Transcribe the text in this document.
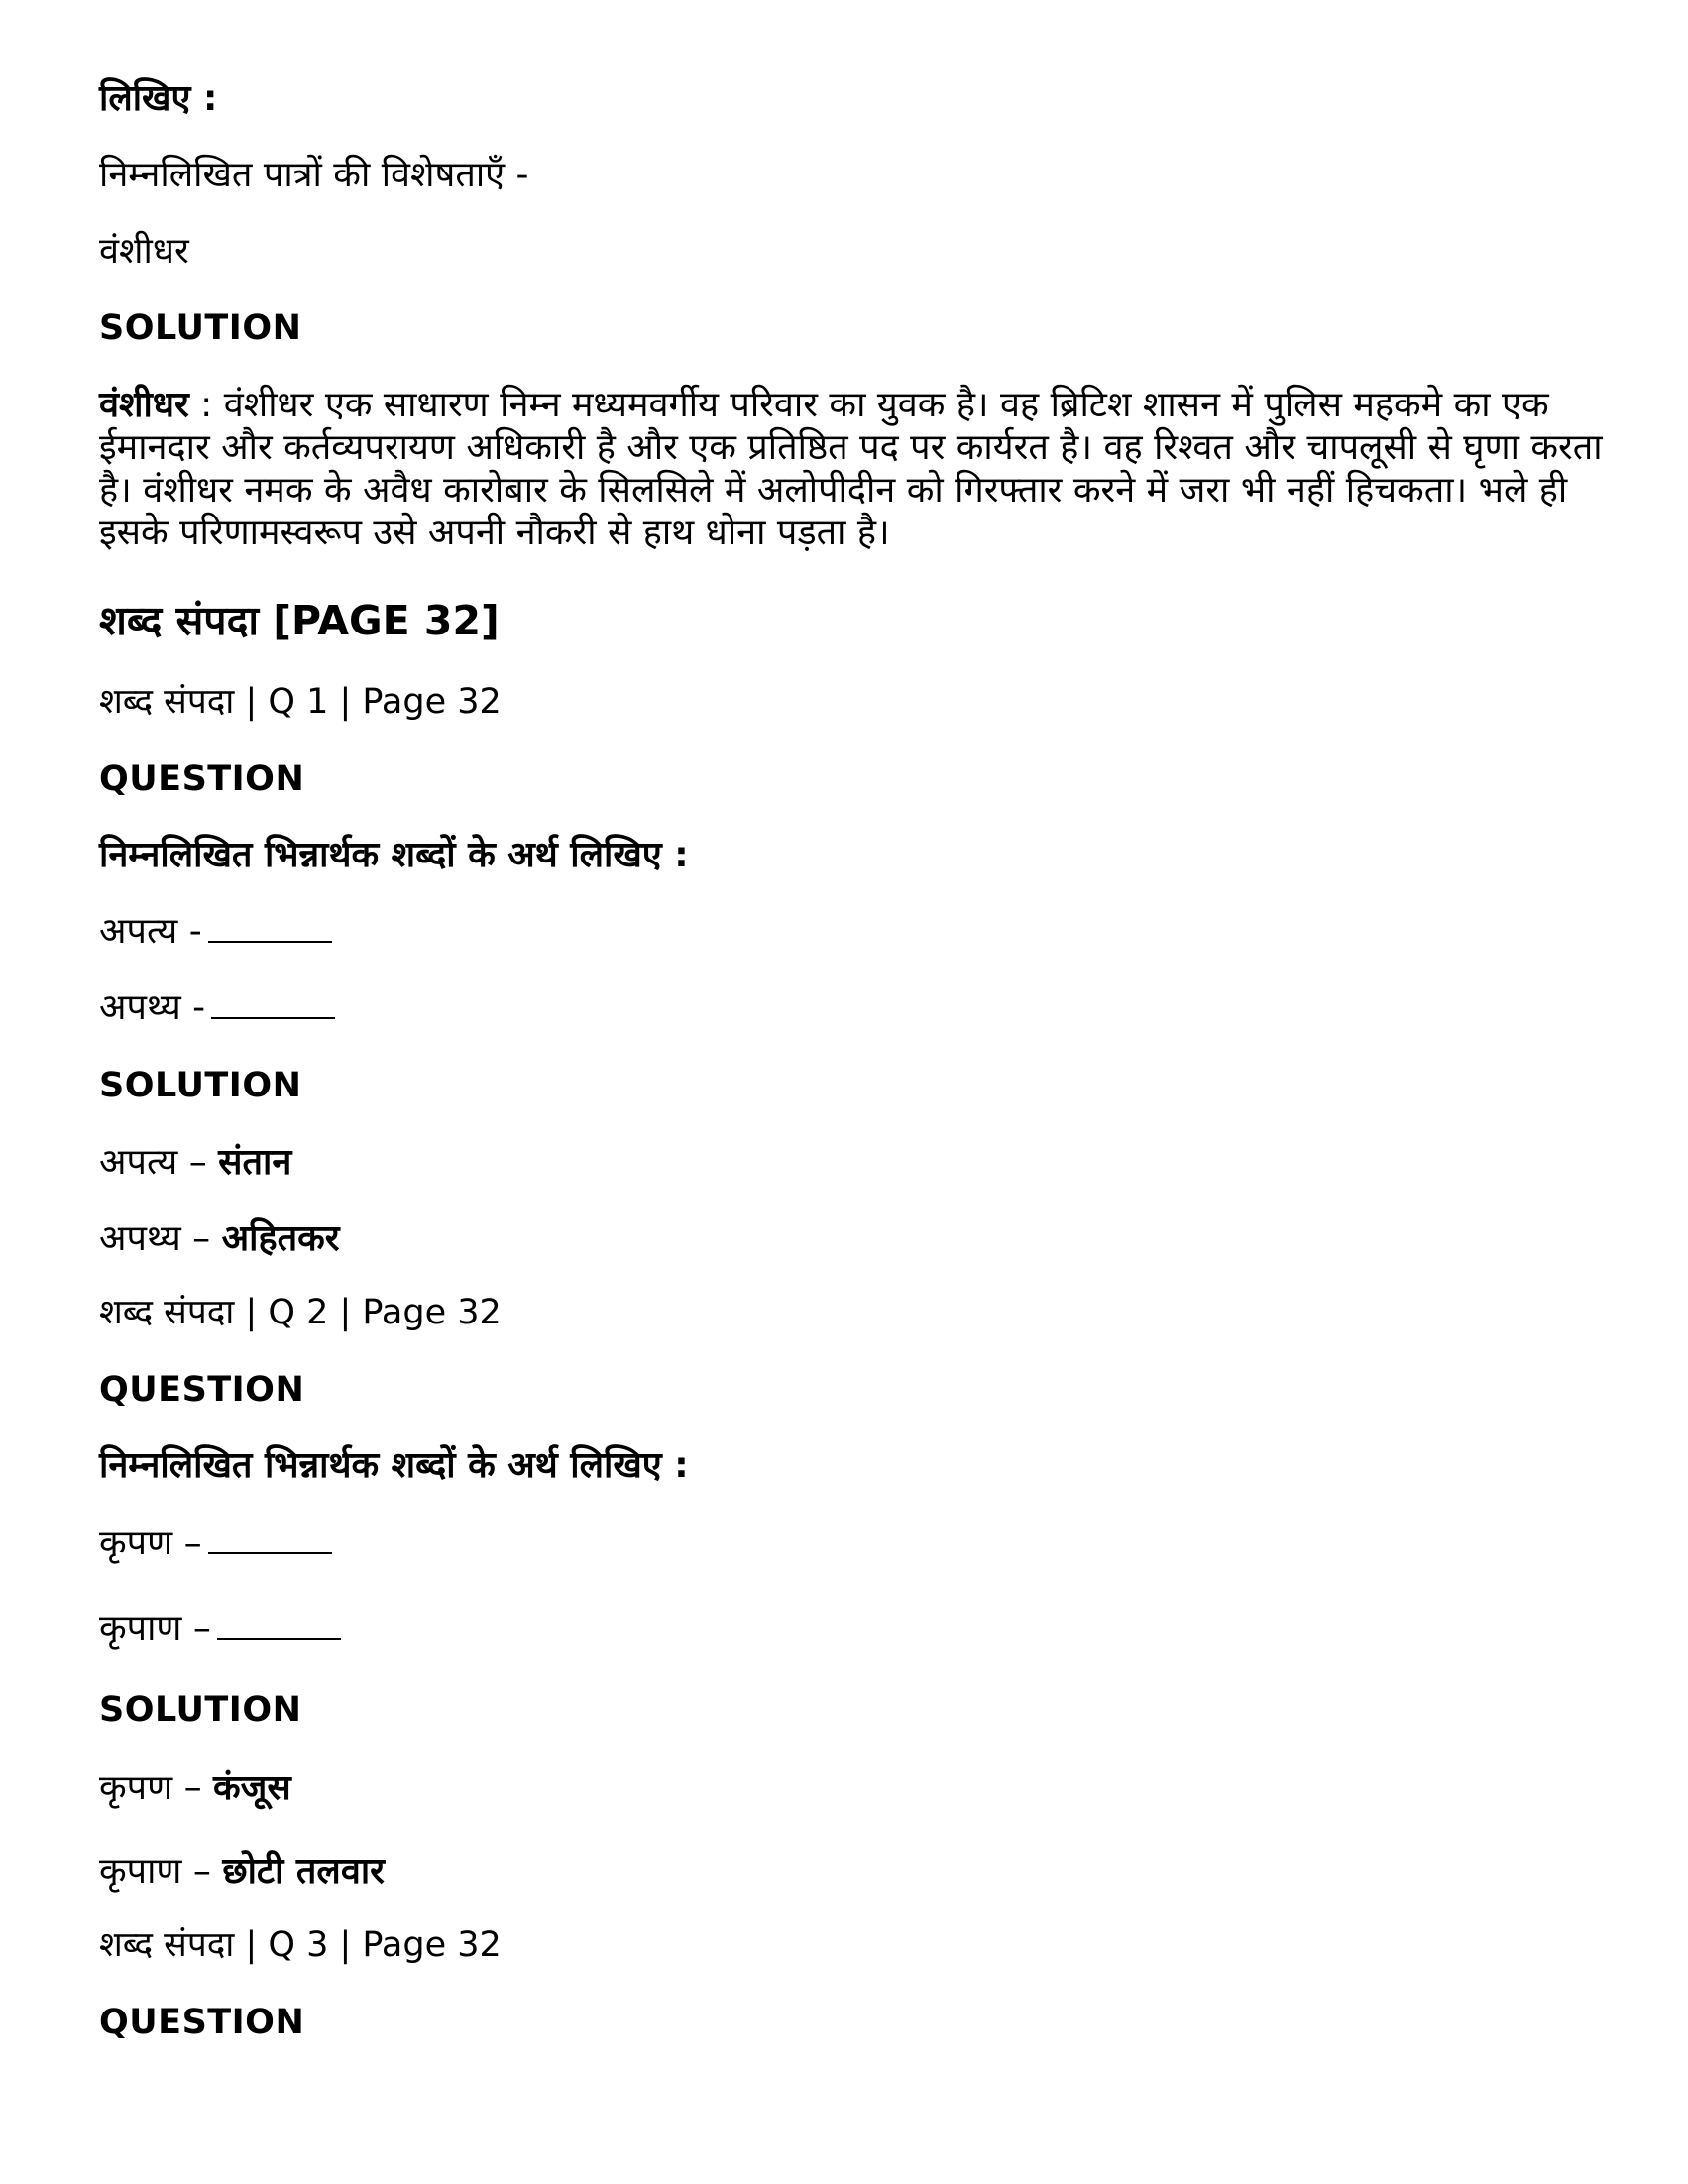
लिखिए :
निम्नलिखित पात्रों की विशेषताएँ -
वंशीधर
SOLUTION

वंशीधर : वंशीधर एक साधारण निम्न मध्यमवर्गीय परिवार का युवक है। वह ब्रिटिश शासन में पुलिस महकमे का एक ईमानदार और कर्तव्यपरायण अधिकारी है और एक प्रतिष्ठित पद पर कार्यरत है। वह रिश्वत और चापलूसी से घृणा करता है। वंशीधर नमक के अवैध कारोबार के सिलसिले में अलोपीदीन को गिरफ्तार करने में जरा भी नहीं हिचकता। भले ही इसके परिणामस्वरूप उसे अपनी नौकरी से हाथ धोना पड़ता है।

शब्द संपदा [PAGE 32]
शब्द संपदा | Q 1 | Page 32
QUESTION
निम्नलिखित भिन्नार्थक शब्दों के अर्थ लिखिए :
अपत्य -
अपथ्य -
SOLUTION
अपत्य – संतान
अपथ्य – अहितकर
शब्द संपदा | Q 2 | Page 32
QUESTION
निम्नलिखित भिन्नार्थक शब्दों के अर्थ लिखिए :
कृपण –
कृपाण –
SOLUTION
कृपण – कंजूस
कृपाण – छोटी तलवार
शब्द संपदा | Q 3 | Page 32
QUESTION
